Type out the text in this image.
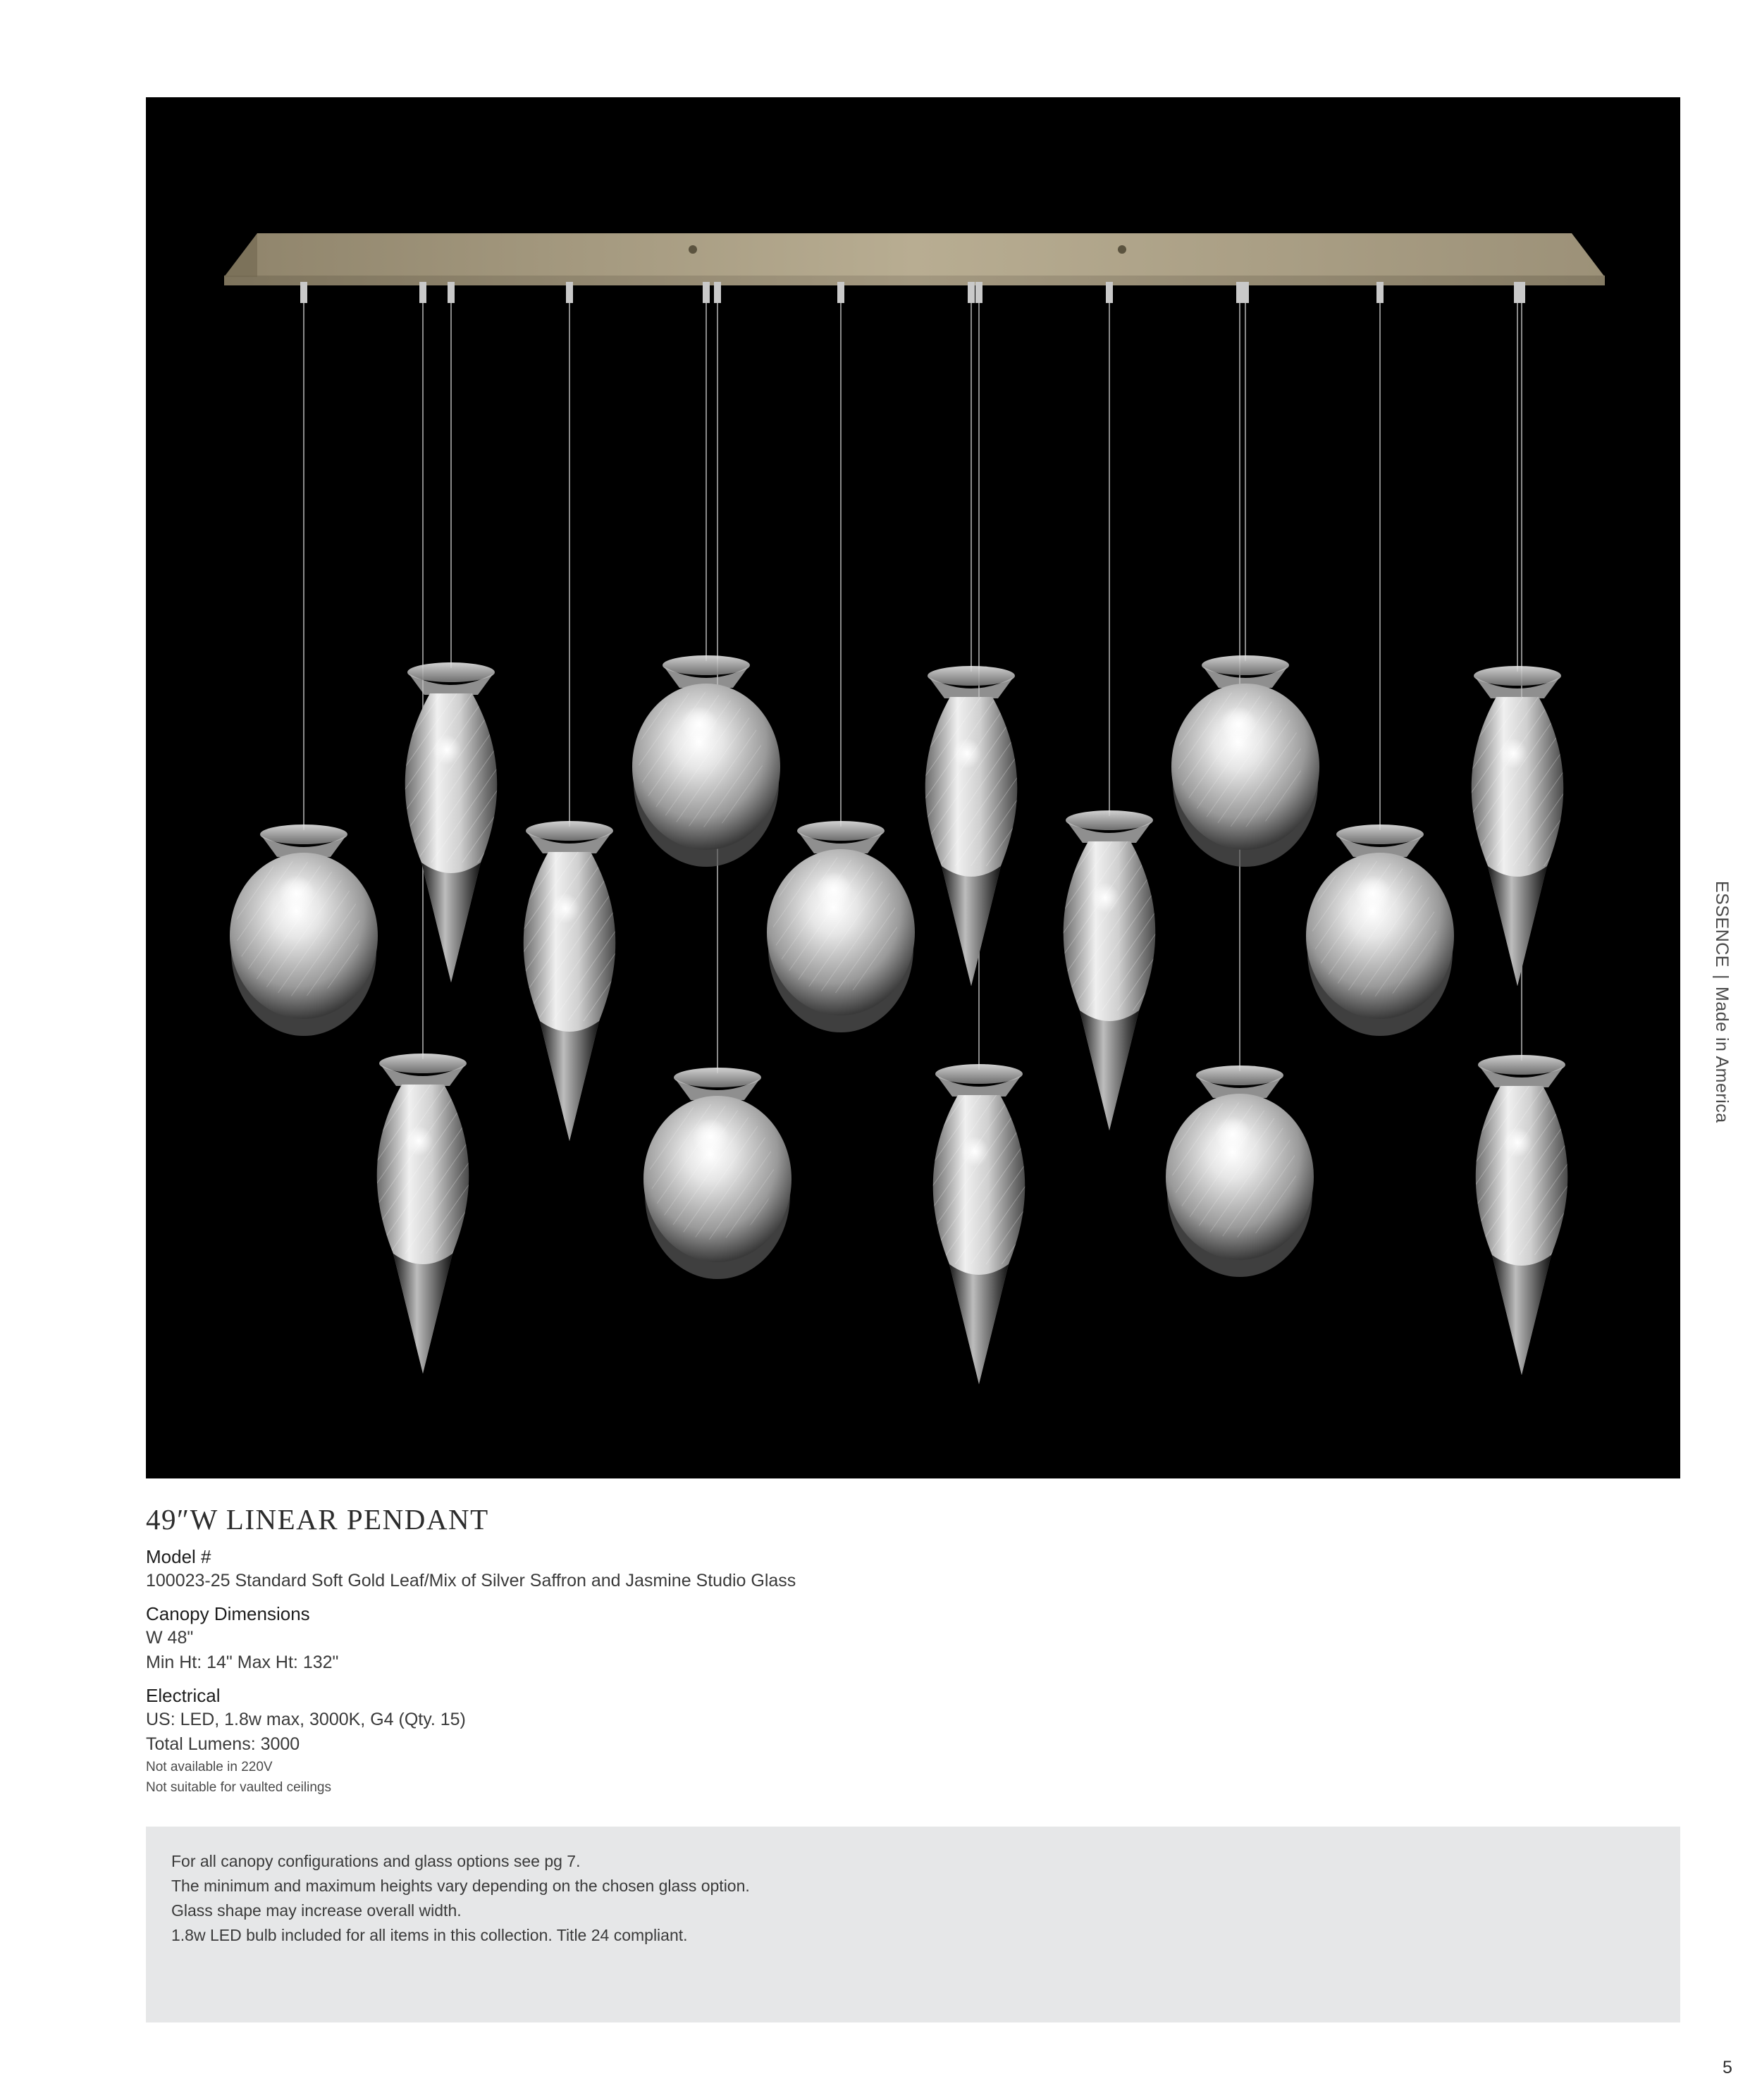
ESSENCE|Made in America
49″W LINEAR PENDANT

Model #

100023-25 Standard Soft Gold Leaf/Mix of Silver Saffron and Jasmine Studio Glass

Canopy Dimensions

W 48"

Min Ht: 14" Max Ht: 132"

Electrical

US: LED, 1.8w max, 3000K, G4 (Qty. 15)

Total Lumens: 3000

Not available in 220V

Not suitable for vaulted ceilings

For all canopy configurations and glass options see pg 7.

The minimum and maximum heights vary depending on the chosen glass option.

Glass shape may increase overall width.

1.8w LED bulb included for all items in this collection. Title 24 compliant.

5
